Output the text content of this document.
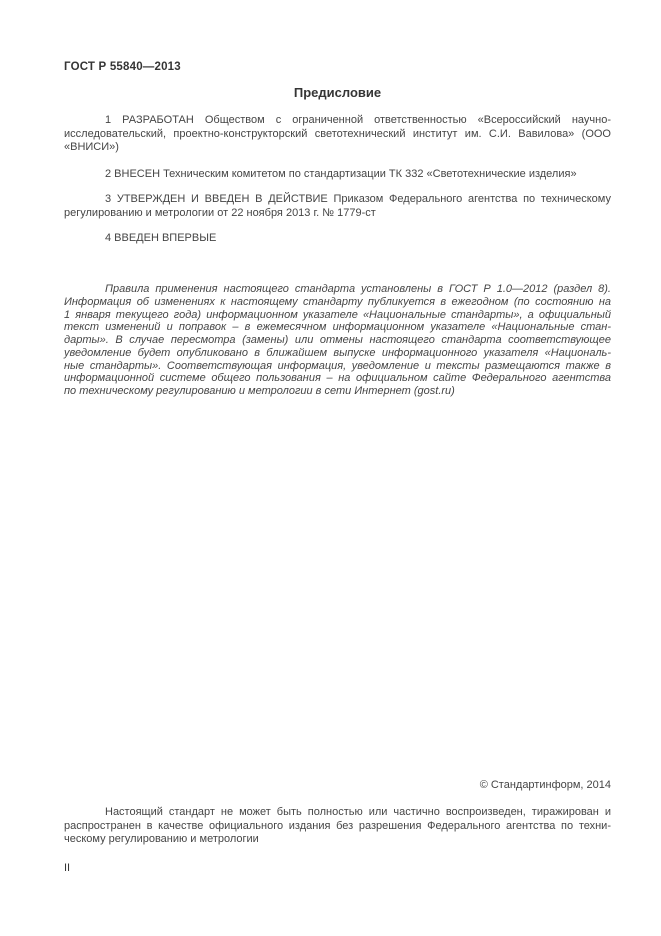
ГОСТ Р 55840—2013
Предисловие
1 РАЗРАБОТАН Обществом с ограниченной ответственностью «Всероссийский научно-
исследовательский, проектно-конструкторский светотехнический институт им. С.И. Вавилова» (ООО
«ВНИСИ»)
2 ВНЕСЕН Техническим комитетом по стандартизации ТК 332 «Светотехнические изделия»
3 УТВЕРЖДЕН И ВВЕДЕН В ДЕЙСТВИЕ Приказом Федерального агентства по техническому
регулированию и метрологии от 22 ноября 2013 г. № 1779-ст
4 ВВЕДЕН ВПЕРВЫЕ
Правила применения настоящего стандарта установлены в ГОСТ Р 1.0—2012 (раздел 8).
Информация об изменениях к настоящему стандарту публикуется в ежегодном (по состоянию на
1 января текущего года) информационном указателе «Национальные стандарты», а официальный
текст изменений и поправок – в ежемесячном информационном указателе «Национальные стан-
дарты». В случае пересмотра (замены) или отмены настоящего стандарта соответствующее
уведомление будет опубликовано в ближайшем выпуске информационного указателя «Националь-
ные стандарты». Соответствующая информация, уведомление и тексты размещаются также в
информационной системе общего пользования – на официальном сайте Федерального агентства
по техническому регулированию и метрологии в сети Интернет (gost.ru)
© Стандартинформ, 2014
Настоящий стандарт не может быть полностью или частично воспроизведен, тиражирован и
распространен в качестве официального издания без разрешения Федерального агентства по техни-
ческому регулированию и метрологии
II
